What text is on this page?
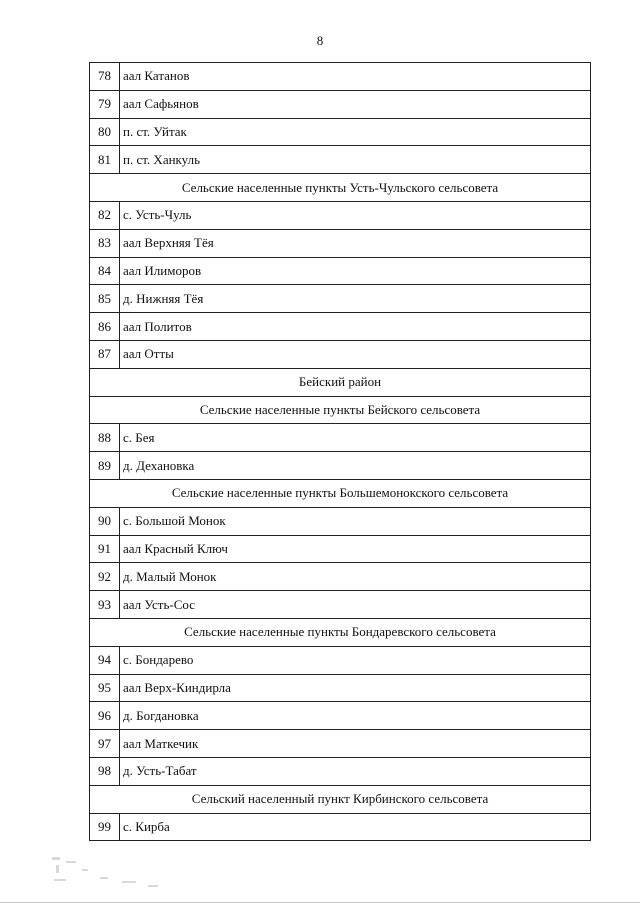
8
78	аал Катанов
79	аал Сафьянов
80	п. ст. Уйтак
81	п. ст. Ханкуль
Сельские населенные пункты Усть-Чульского сельсовета	
82	с. Усть-Чуль
83	аал Верхняя Тёя
84	аал Илиморов
85	д. Нижняя Тёя
86	аал Политов
87	аал Отты
Бейский район	
Сельские населенные пункты Бейского сельсовета	
88	с. Бея
89	д. Дехановка
Сельские населенные пункты Большемонокского сельсовета	
90	с. Большой Монок
91	аал Красный Ключ
92	д. Малый Монок
93	аал Усть-Сос
Сельские населенные пункты Бондаревского сельсовета	
94	с. Бондарево
95	аал Верх-Киндирла
96	д. Богдановка
97	аал Маткечик
98	д. Усть-Табат
Сельский населенный пункт Кирбинского сельсовета	
99	с. Кирба
